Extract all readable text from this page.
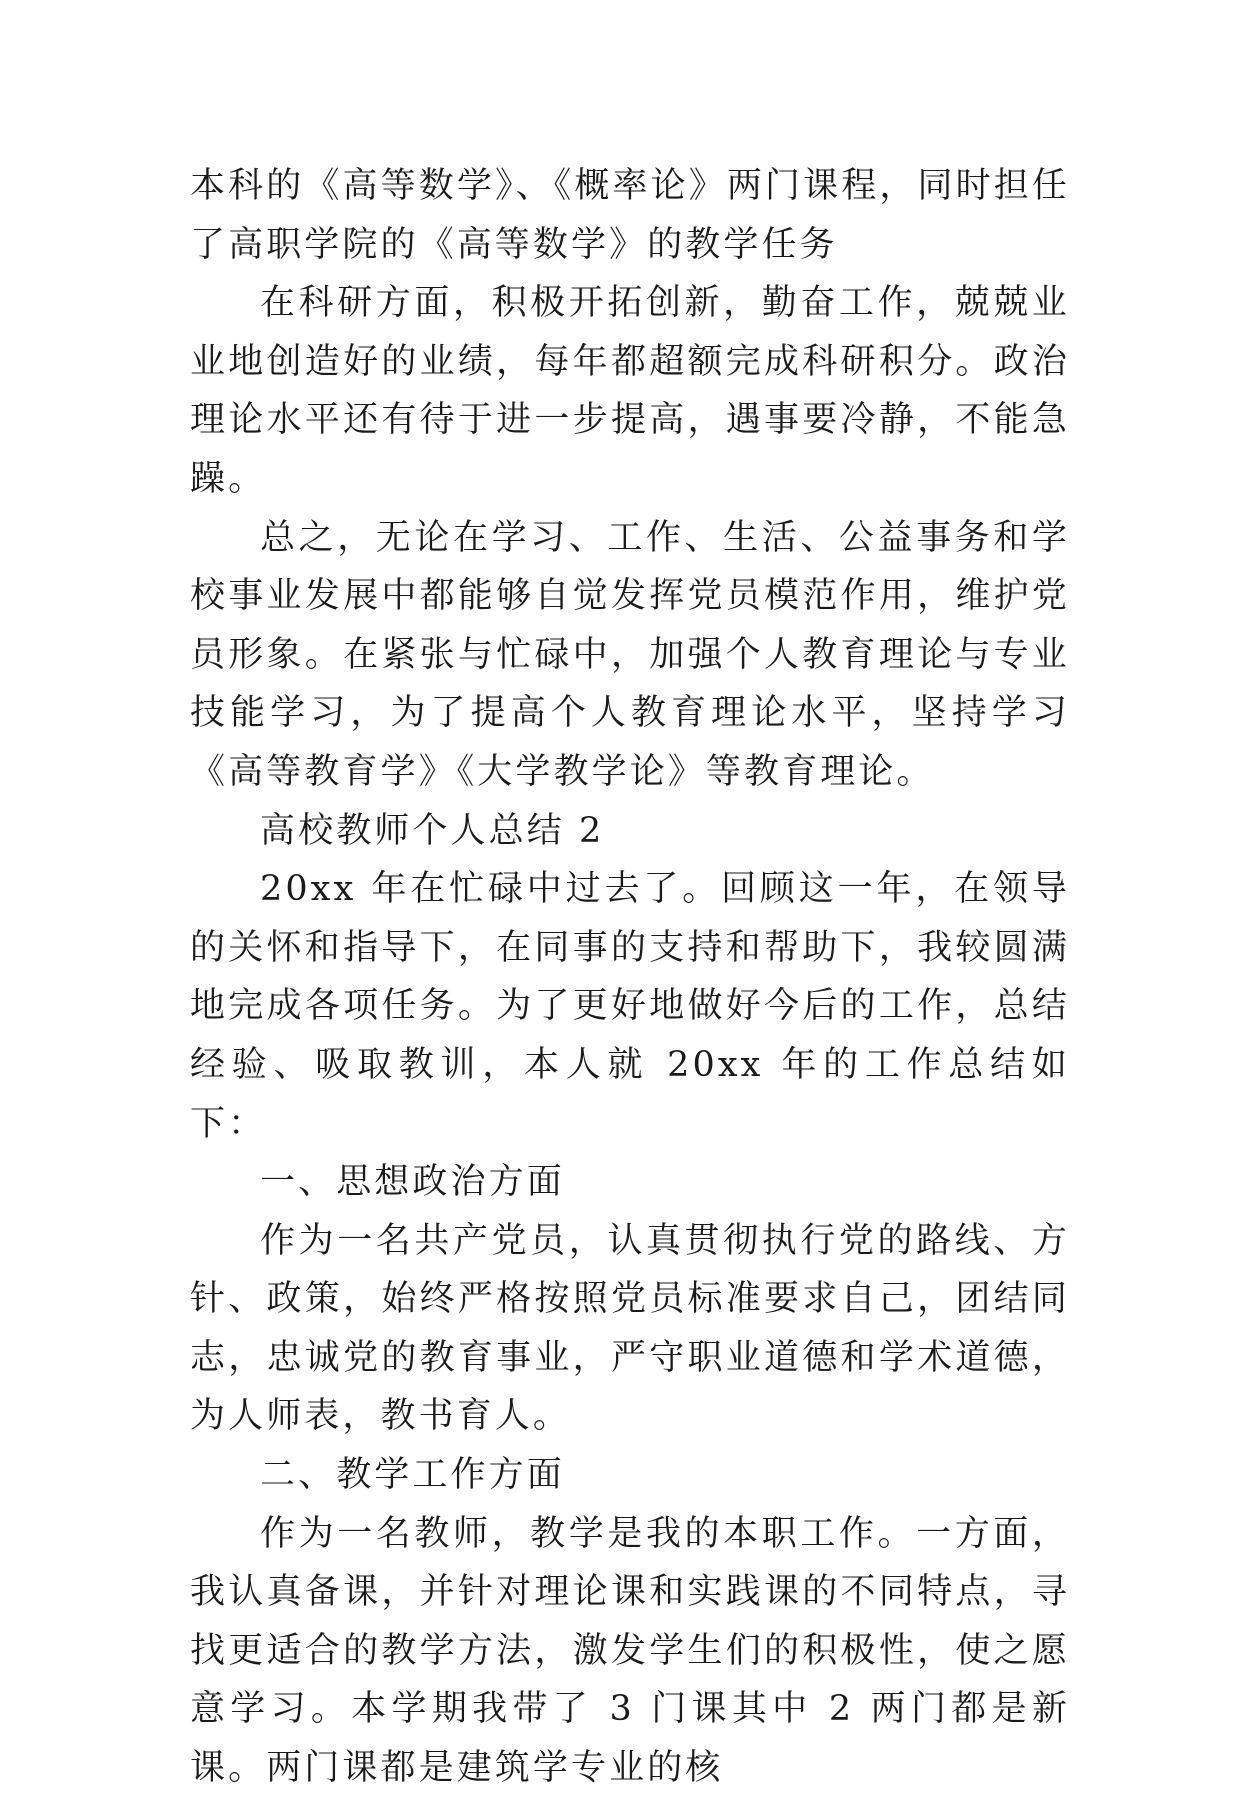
本科的《高等数学》、《概率论》两门课程，同时担任了高职学院的《高等数学》的教学任务

在科研方面，积极开拓创新，勤奋工作，兢兢业业地创造好的业绩，每年都超额完成科研积分。政治理论水平还有待于进一步提高，遇事要冷静，不能急躁。

总之，无论在学习、工作、生活、公益事务和学校事业发展中都能够自觉发挥党员模范作用，维护党员形象。在紧张与忙碌中，加强个人教育理论与专业技能学习，为了提高个人教育理论水平，坚持学习《高等教育学》《大学教学论》等教育理论。

高校教师个人总结 2

20xx 年在忙碌中过去了。回顾这一年，在领导的关怀和指导下，在同事的支持和帮助下，我较圆满地完成各项任务。为了更好地做好今后的工作，总结经验、吸取教训，本人就 20xx 年的工作总结如下：

一、思想政治方面

作为一名共产党员，认真贯彻执行党的路线、方针、政策，始终严格按照党员标准要求自己，团结同志，忠诚党的教育事业，严守职业道德和学术道德，为人师表，教书育人。

二、教学工作方面

作为一名教师，教学是我的本职工作。一方面，我认真备课，并针对理论课和实践课的不同特点，寻找更适合的教学方法，激发学生们的积极性，使之愿意学习。本学期我带了 3 门课其中 2 两门都是新课。两门课都是建筑学专业的核
